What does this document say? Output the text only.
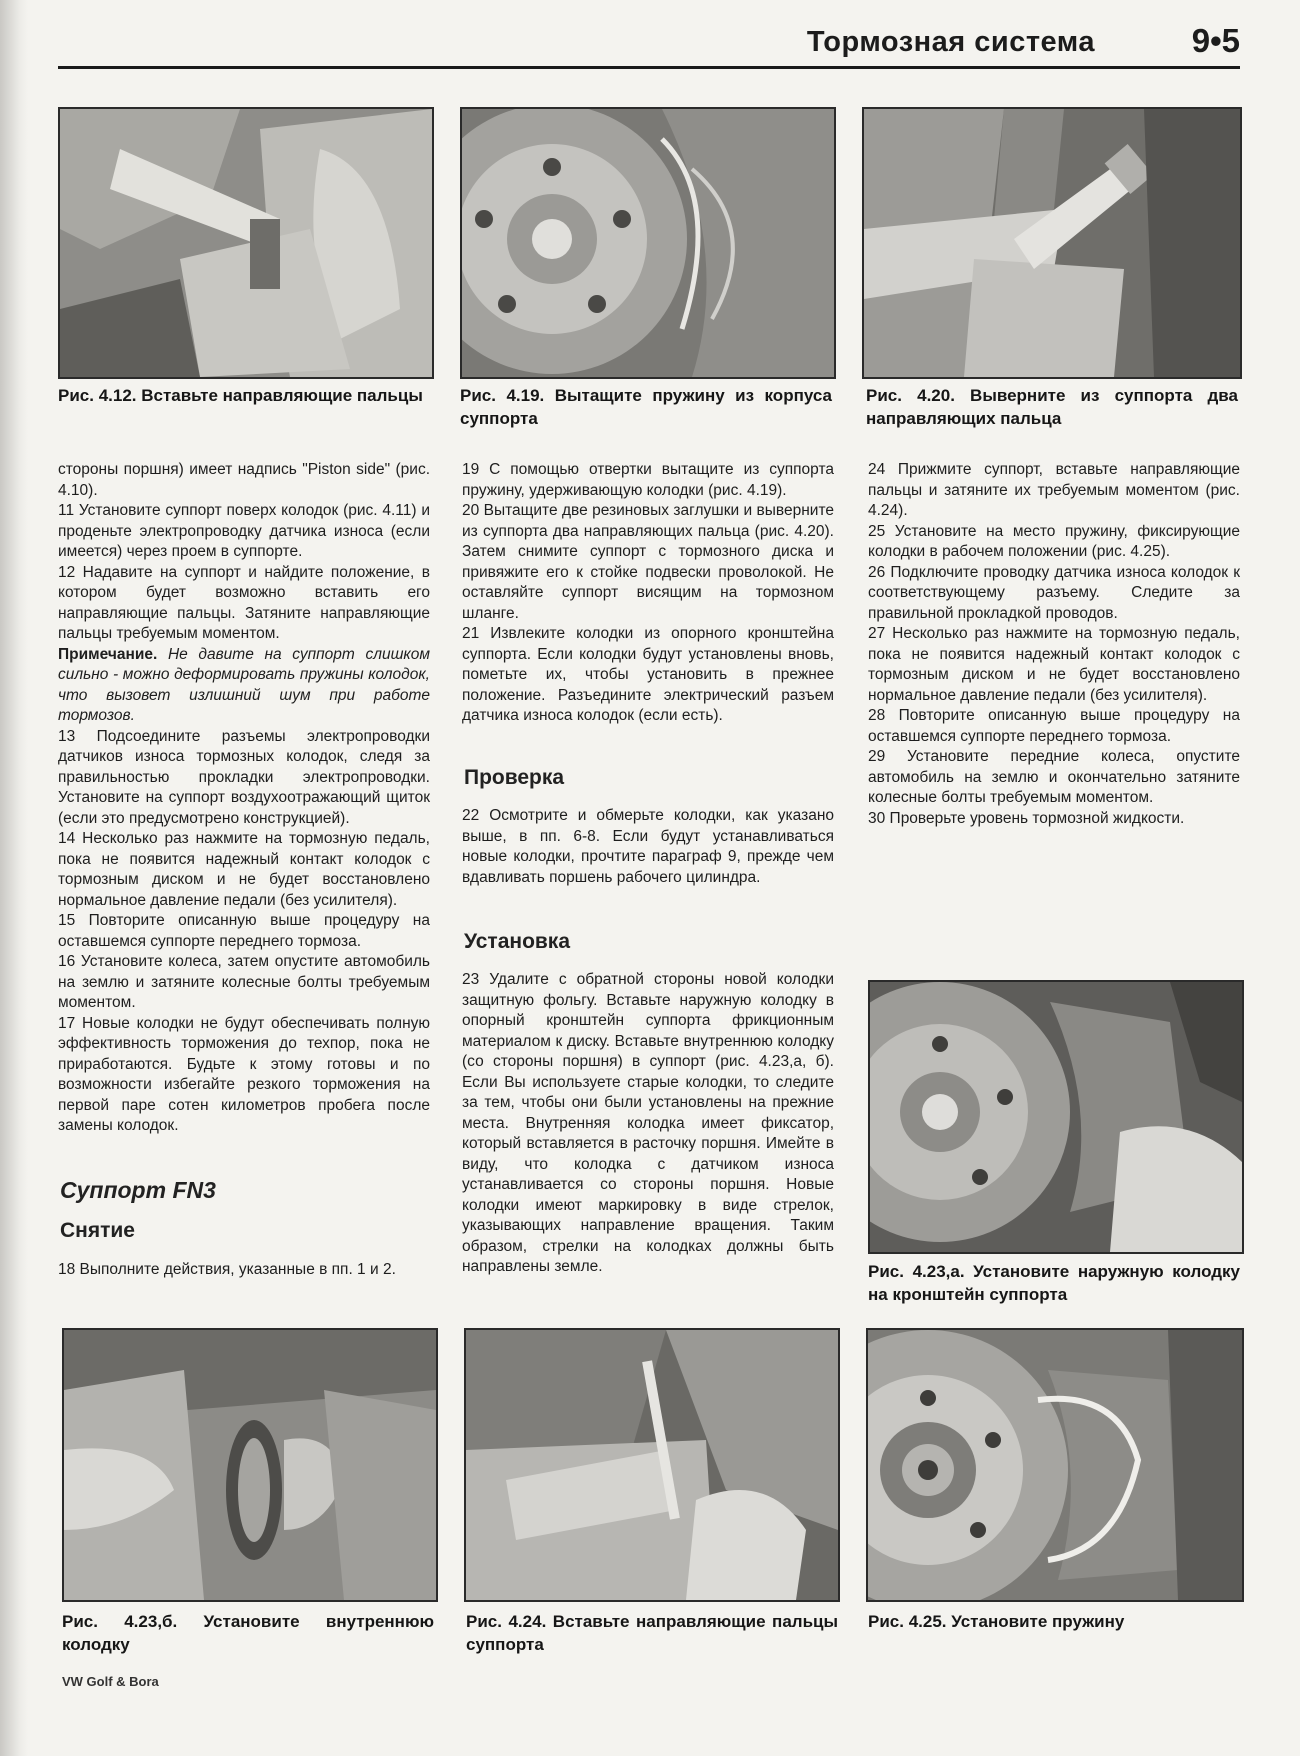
Тормозная система	9•5
Рис. 4.12. Вставьте направляющие пальцы	Рис. 4.19. Вытащите пружину из корпуса суппорта
Рис. 4.20. Выверните из суппорта два направляющих пальца

стороны поршня) имеет надпись "Piston side" (рис. 4.10).

11 Установите суппорт поверх колодок (рис. 4.11) и проденьте электропроводку датчика износа (если имеется) через проем в суппорте.

12 Надавите на суппорт и найдите положение, в котором будет возможно вставить его направляющие пальцы. Затяните направляющие пальцы требуемым моментом.

Примечание. Не давите на суппорт слишком сильно - можно деформировать пружины колодок, что вызовет излишний шум при работе тормозов.

13 Подсоедините разъемы электропроводки датчиков износа тормозных колодок, следя за правильностью прокладки электропроводки. Установите на суппорт воздухоотражающий щиток (если это предусмотрено конструкцией).

14 Несколько раз нажмите на тормозную педаль, пока не появится надежный контакт колодок с тормозным диском и не будет восстановлено нормальное давление педали (без усилителя).

15 Повторите описанную выше процедуру на оставшемся суппорте переднего тормоза.

16 Установите колеса, затем опустите автомобиль на землю и затяните колесные болты требуемым моментом.

17 Новые колодки не будут обеспечивать полную эффективность торможения до техпор, пока не приработаются. Будьте к этому готовы и по возможности избегайте резкого торможения на первой паре сотен километров пробега после замены колодок.

Суппорт FN3
Снятие

18 Выполните действия, указанные в пп. 1 и 2.

19 С помощью отвертки вытащите из суппорта пружину, удерживающую колодки (рис. 4.19).

20 Вытащите две резиновых заглушки и выверните из суппорта два направляющих пальца (рис. 4.20). Затем снимите суппорт с тормозного диска и привяжите его к стойке подвески проволокой. Не оставляйте суппорт висящим на тормозном шланге.

21 Извлеките колодки из опорного кронштейна суппорта. Если колодки будут установлены вновь, пометьте их, чтобы установить в прежнее положение. Разъедините электрический разъем датчика износа колодок (если есть).

Проверка

22 Осмотрите и обмерьте колодки, как указано выше, в пп. 6-8. Если будут устанавливаться новые колодки, прочтите параграф 9, прежде чем вдавливать поршень рабочего цилиндра.

Установка

23 Удалите с обратной стороны новой колодки защитную фольгу. Вставьте наружную колодку в опорный кронштейн суппорта фрикционным материалом к диску. Вставьте внутреннюю колодку (со стороны поршня) в суппорт (рис. 4.23,а, б). Если Вы используете старые колодки, то следите за тем, чтобы они были установлены на прежние места. Внутренняя колодка имеет фиксатор, который вставляется в расточку поршня. Имейте в виду, что колодка с датчиком износа устанавливается со стороны поршня. Новые колодки имеют маркировку в виде стрелок, указывающих направление вращения. Таким образом, стрелки на колодках должны быть направлены земле.

24 Прижмите суппорт, вставьте направляющие пальцы и затяните их требуемым моментом (рис. 4.24).

25 Установите на место пружину, фиксирующие колодки в рабочем положении (рис. 4.25).

26 Подключите проводку датчика износа колодок к соответствующему разъему. Следите за правильной прокладкой проводов.

27 Несколько раз нажмите на тормозную педаль, пока не появится надежный контакт колодок с тормозным диском и не будет восстановлено нормальное давление педали (без усилителя).

28 Повторите описанную выше процедуру на оставшемся суппорте переднего тормоза.

29 Установите передние колеса, опустите автомобиль на землю и окончательно затяните колесные болты требуемым моментом.

30 Проверьте уровень тормозной жидкости.

Рис. 4.23,а. Установите наружную колодку на кронштейн суппорта
Рис. 4.23,б. Установите внутреннюю колодку
Рис. 4.24. Вставьте направляющие пальцы суппорта
Рис. 4.25. Установите пружину
VW Golf & Bora
